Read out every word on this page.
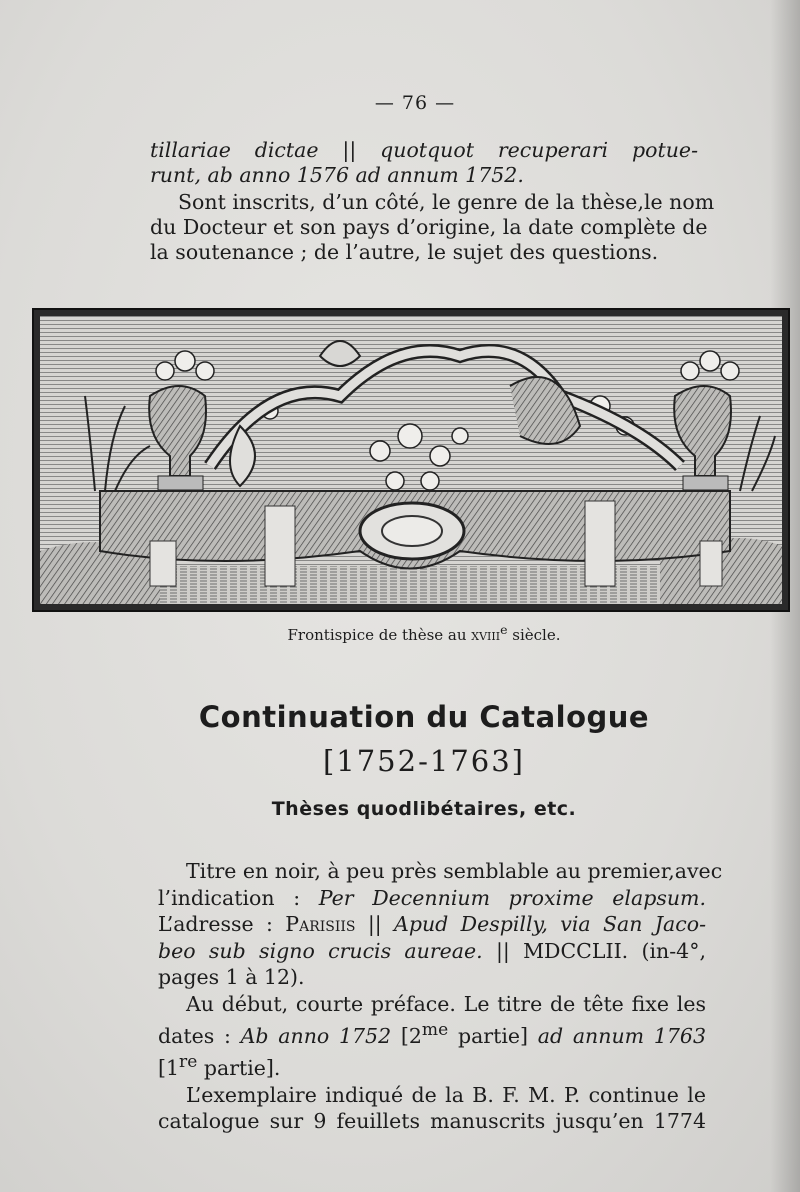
— 76 —

tillariae dictae || quotquot recuperari potue-
runt, ab anno 1576 ad annum 1752.

Sont inscrits, d’un côté, le genre de la thèse,le nom
du Docteur et son pays d’origine, la date complète de
la soutenance ; de l’autre, le sujet des questions.

Frontispice de thèse au xviii$^e$ siècle.
Continuation du Catalogue
[1752-1763]
Thèses quodlibétaires, etc.

Titre en noir, à peu près semblable au premier,avec
l’indication : Per Decennium proxime elapsum.
L’adresse : Parisiis || Apud Despilly, via San Jaco-
beo sub signo crucis aureae. || MDCCLII. (in-4°,
pages 1 à 12).
Au début, courte préface. Le titre de tête fixe les
dates : Ab anno 1752 [$2^{me}$ partie] ad annum 1763
[1re partie].
L’exemplaire indiqué de la B. F. M. P. continue le
catalogue sur 9 feuillets manuscrits jusqu’en 1774
